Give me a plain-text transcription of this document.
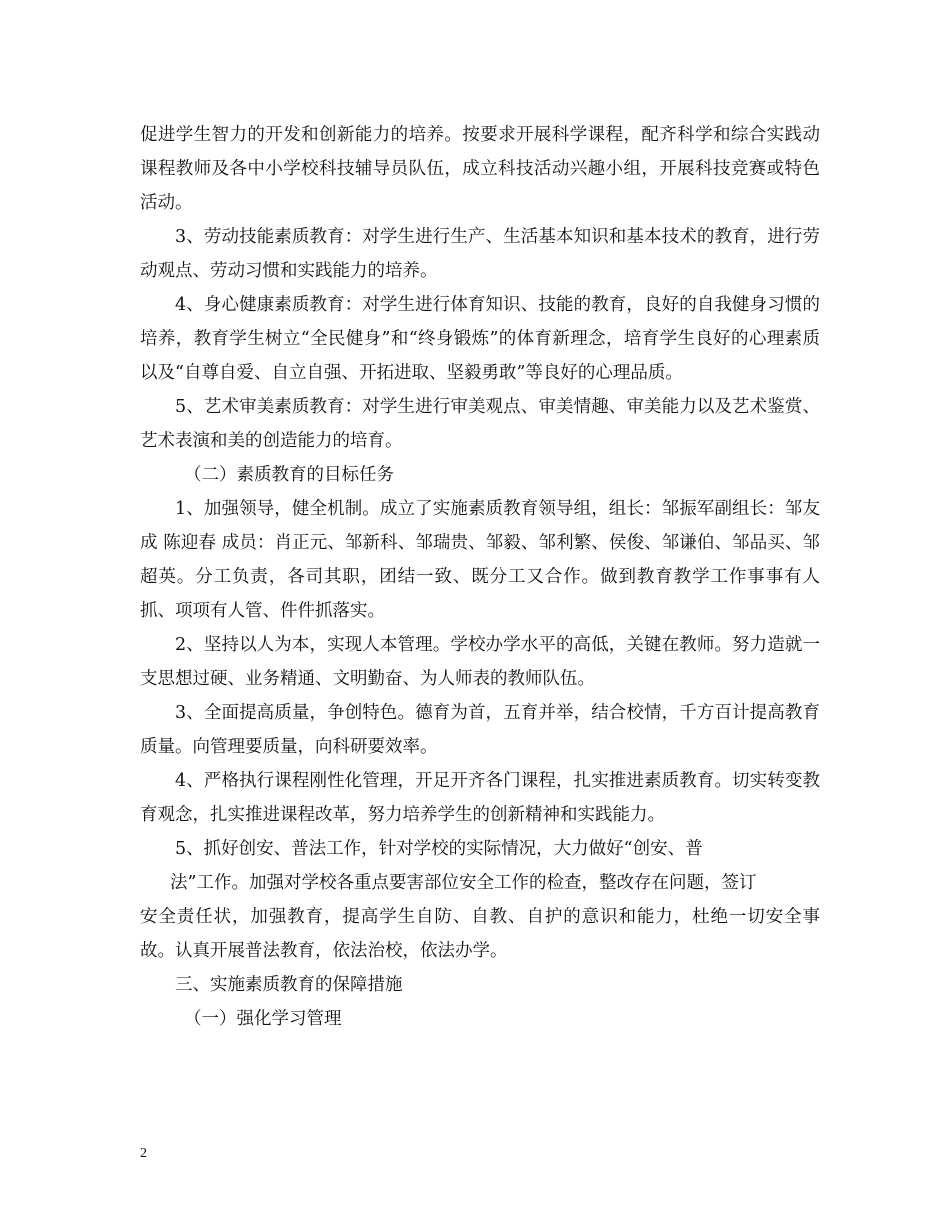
促进学生智力的开发和创新能力的培养。按要求开展科学课程，配齐科学和综合实践动课程教师及各中小学校科技辅导员队伍，成立科技活动兴趣小组，开展科技竞赛或特色活动。

3、劳动技能素质教育：对学生进行生产、生活基本知识和基本技术的教育，进行劳动观点、劳动习惯和实践能力的培养。

4、身心健康素质教育：对学生进行体育知识、技能的教育，良好的自我健身习惯的培养，教育学生树立“全民健身”和“终身锻炼”的体育新理念，培育学生良好的心理素质以及“自尊自爱、自立自强、开拓进取、坚毅勇敢”等良好的心理品质。

5、艺术审美素质教育：对学生进行审美观点、审美情趣、审美能力以及艺术鉴赏、艺术表演和美的创造能力的培育。

（二）素质教育的目标任务

1、加强领导，健全机制。成立了实施素质教育领导组，组长：邹振军副组长：邹友成 陈迎春 成员：肖正元、邹新科、邹瑞贵、邹毅、邹利繁、侯俊、邹谦伯、邹品买、邹超英。分工负责，各司其职，团结一致、既分工又合作。做到教育教学工作事事有人抓、项项有人管、件件抓落实。

2、坚持以人为本，实现人本管理。学校办学水平的高低，关键在教师。努力造就一支思想过硬、业务精通、文明勤奋、为人师表的教师队伍。

3、全面提高质量，争创特色。德育为首，五育并举，结合校情，千方百计提高教育质量。向管理要质量，向科研要效率。

4、严格执行课程刚性化管理，开足开齐各门课程，扎实推进素质教育。切实转变教育观念，扎实推进课程改革，努力培养学生的创新精神和实践能力。

5、抓好创安、普法工作，针对学校的实际情况，大力做好“创安、普

法”工作。加强对学校各重点要害部位安全工作的检查，整改存在问题，签订

安全责任状，加强教育，提高学生自防、自教、自护的意识和能力，杜绝一切安全事故。认真开展普法教育，依法治校，依法办学。

三、实施素质教育的保障措施

（一）强化学习管理

2
